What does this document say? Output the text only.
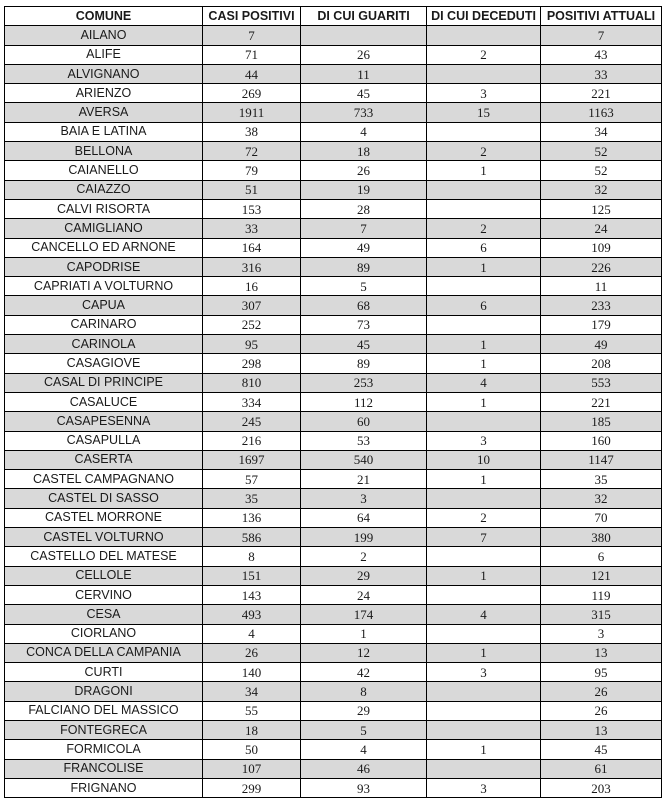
COMUNE	CASI POSITIVI	DI CUI GUARITI	DI CUI DECEDUTI	POSITIVI ATTUALI
AILANO	7			7
ALIFE	71	26	2	43
ALVIGNANO	44	11		33
ARIENZO	269	45	3	221
AVERSA	1911	733	15	1163
BAIA E LATINA	38	4		34
BELLONA	72	18	2	52
CAIANELLO	79	26	1	52
CAIAZZO	51	19		32
CALVI RISORTA	153	28		125
CAMIGLIANO	33	7	2	24
CANCELLO ED ARNONE	164	49	6	109
CAPODRISE	316	89	1	226
CAPRIATI A VOLTURNO	16	5		11
CAPUA	307	68	6	233
CARINARO	252	73		179
CARINOLA	95	45	1	49
CASAGIOVE	298	89	1	208
CASAL DI PRINCIPE	810	253	4	553
CASALUCE	334	112	1	221
CASAPESENNA	245	60		185
CASAPULLA	216	53	3	160
CASERTA	1697	540	10	1147
CASTEL CAMPAGNANO	57	21	1	35
CASTEL DI SASSO	35	3		32
CASTEL MORRONE	136	64	2	70
CASTEL VOLTURNO	586	199	7	380
CASTELLO DEL MATESE	8	2		6
CELLOLE	151	29	1	121
CERVINO	143	24		119
CESA	493	174	4	315
CIORLANO	4	1		3
CONCA DELLA CAMPANIA	26	12	1	13
CURTI	140	42	3	95
DRAGONI	34	8		26
FALCIANO DEL MASSICO	55	29		26
FONTEGRECA	18	5		13
FORMICOLA	50	4	1	45
FRANCOLISE	107	46		61
FRIGNANO	299	93	3	203
